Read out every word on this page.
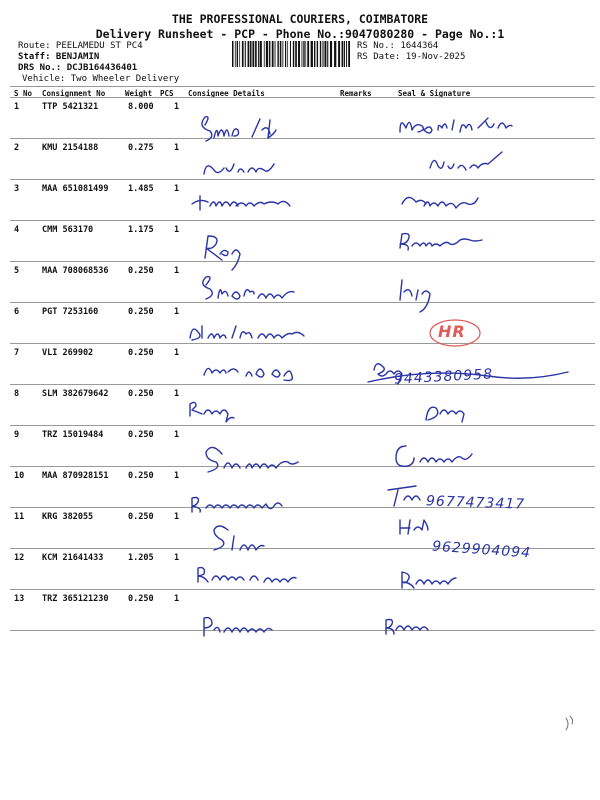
THE PROFESSIONAL COURIERS, COIMBATORE
Delivery Runsheet - PCP - Phone No.:9047080280 - Page No.:1
Route: PEELAMEDU ST PC4
Staff: BENJAMIN
DRS No.: DCJB164436401
Vehicle: Two Wheeler Delivery
RS No.: 1644364
RS Date: 19-Nov-2025
S No Consignment No	Weight PCS Consignee Details	Remarks	Seal & Signature
1	TTP 5421321	8.000 1
2	KMU 2154188	0.275 1
3	MAA 651081499 1.485 1
4	CMM 563170	1.175 1
5	MAA 708068536 0.250 1
6	PGT 7253160	0.250 1
7	VLI 269902	0.250 1
8	SLM 382679642 0.250 1
9	TRZ 15019484	0.250 1
10 MAA 870928151 0.250 1
11 KRG 382055	0.250 1
12 KCM 21641433	1.205 1
13 TRZ 365121230 0.250 1
HR
9443380958
9677473417
9629904094
